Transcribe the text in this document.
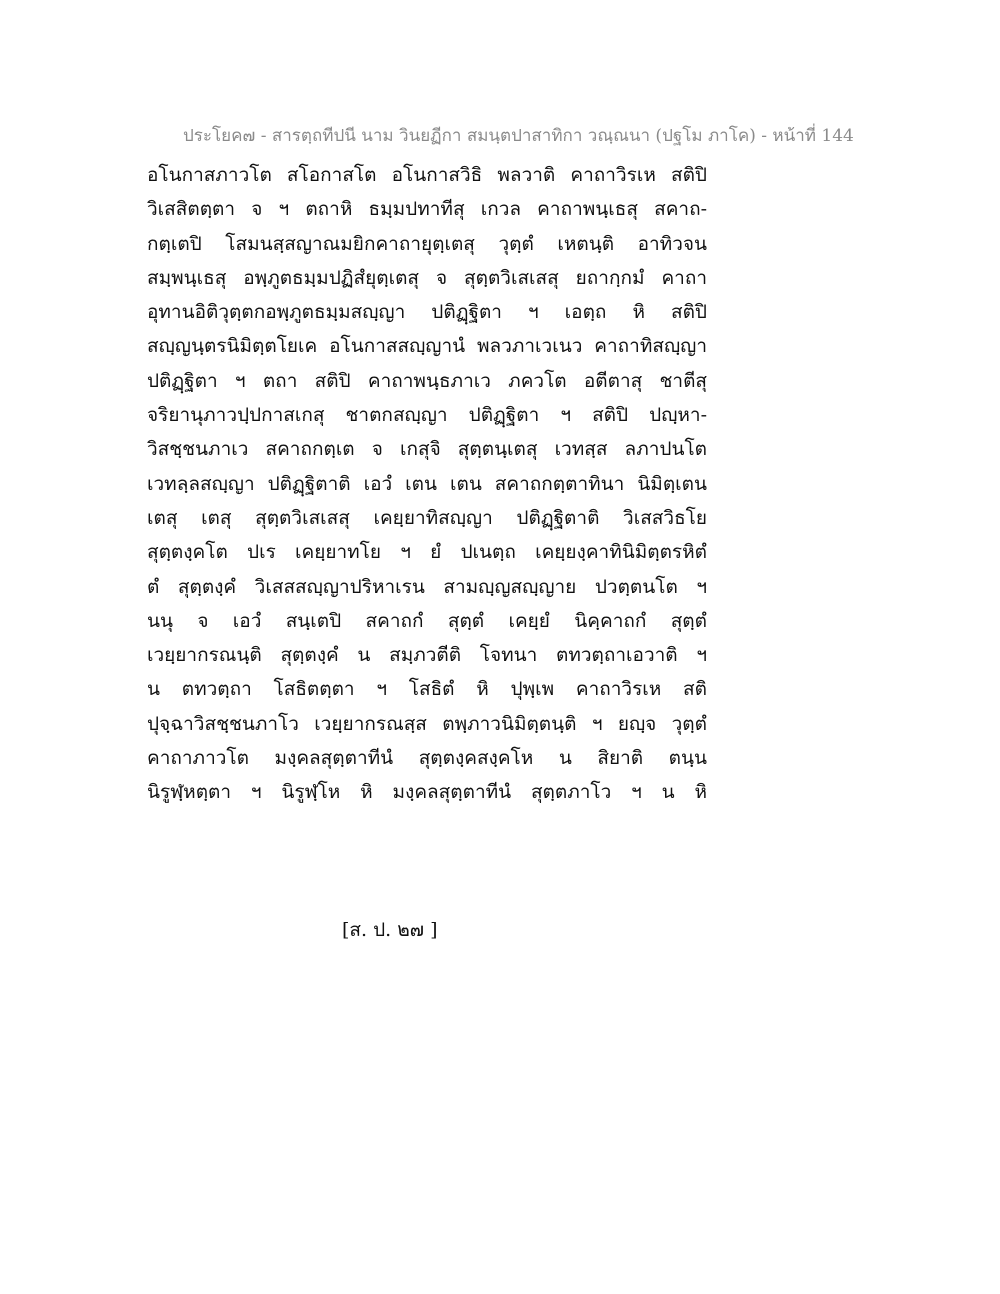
ประโยค๗ - สารตฺถทีปนี นาม วินยฏีกา สมนฺตปาสาทิกา วณฺณนา (ปฐโม ภาโค) - หน้าที่ 144
อโนกาสภาวโต สโอกาสโต อโนกาสวิธิ พลวาติ คาถาวิรเห สติปิ
วิเสสิตตฺตา จ ฯ ตถาหิ ธมฺมปทาทีสุ เกวล คาถาพนฺเธสุ สคาถ-
กตฺเตปิ โสมนสฺสญาณมยิกคาถายุตฺเตสุ วุตฺตํ เหตนฺติ อาทิวจน
สมฺพนฺเธสุ อพฺภูตธมฺมปฏิสํยุตฺเตสุ จ สุตฺตวิเสเสสุ ยถากฺกมํ คาถา
อุทานอิติวุตฺตกอพฺภูตธมฺมสญฺญา ปติฏฺฐิตา ฯ เอตฺถ หิ สติปิ
สญฺญนฺตรนิมิตฺตโยเค อโนกาสสญฺญานํ พลวภาเวเนว คาถาทิสญฺญา
ปติฏฺฐิตา ฯ ตถา สติปิ คาถาพนฺธภาเว ภควโต อตีตาสุ ชาตีสุ
จริยานุภาวปฺปกาสเกสุ ชาตกสญฺญา ปติฏฺฐิตา ฯ สติปิ ปญฺหา-
วิสชฺชนภาเว สคาถกตฺเต จ เกสุจิ สุตฺตนฺเตสุ เวทสฺส ลภาปนโต
เวทลฺลสญฺญา ปติฏฺฐิตาติ เอวํ เตน เตน สคาถกตฺตาทินา นิมิตฺเตน
เตสุ เตสุ สุตฺตวิเสเสสุ เคยฺยาทิสญฺญา ปติฏฺฐิตาติ วิเสสวิธโย
สุตฺตงฺคโต ปเร เคยฺยาทโย ฯ ยํ ปเนตฺถ เคยฺยงฺคาทินิมิตฺตรหิตํ
ตํ สุตฺตงฺคํ วิเสสสญฺญาปริหาเรน สามญฺญสญฺญาย ปวตฺตนโต ฯ
นนุ จ เอวํ สนฺเตปิ สคาถกํ สุตฺตํ เคยฺยํ นิคฺคาถกํ สุตฺตํ
เวยฺยากรณนฺติ สุตฺตงฺคํ น สมฺภวตีติ โจทนา ตทวตฺถาเอวาติ ฯ
น ตทวตฺถา โสธิตตฺตา ฯ โสธิตํ หิ ปุพฺเพ คาถาวิรเห สติ
ปุจฺฉาวิสชฺชนภาโว เวยฺยากรณสฺส ตพฺภาวนิมิตฺตนฺติ ฯ ยญฺจ วุตฺตํ
คาถาภาวโต มงฺคลสุตฺตาทีนํ สุตฺตงฺคสงฺคโห น สิยาติ ตนฺน
นิรูฬฺหตฺตา ฯ นิรูฬฺโห หิ มงฺคลสุตฺตาทีนํ สุตฺตภาโว ฯ น หิ
[ส. ป. ๒๗ ]
